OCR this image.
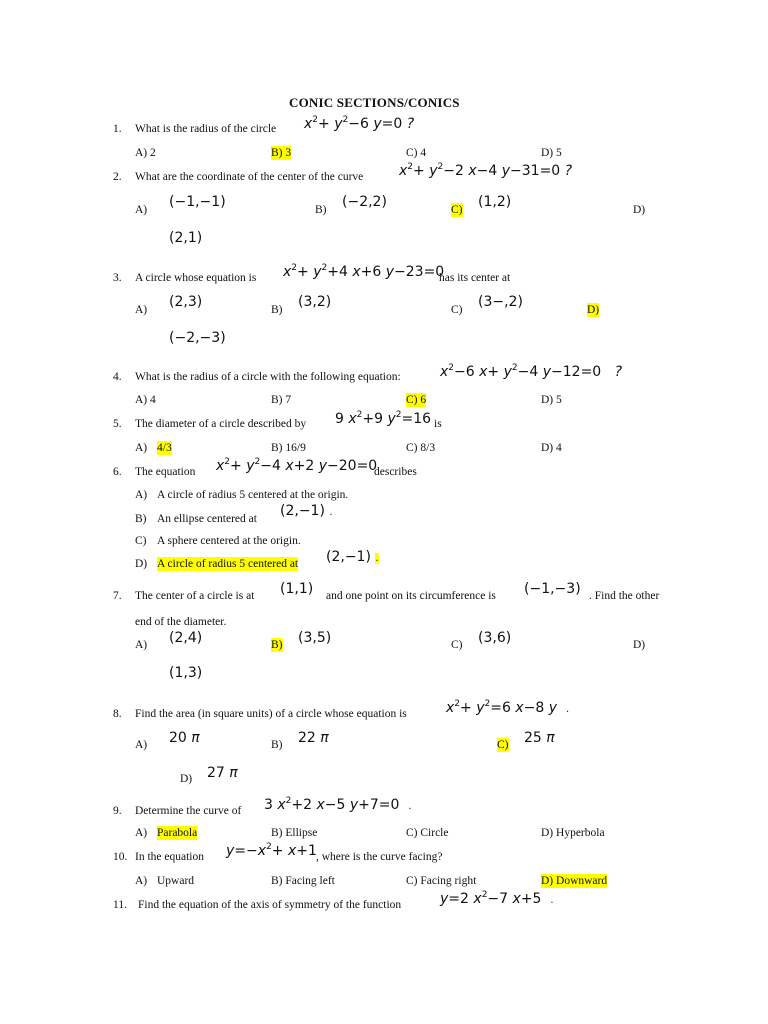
CONIC SECTIONS/CONICS
1. What is the radius of the circle $x^2+ y^2-6$ y=0 ?
A) 2	B) 3	C) 4	D) 5
2. What are the coordinate of the center of the curve	$x^2+ y^2-2$ x−4 y−31=0 ?
A) (−1,−1)	B) (−2,2)	C) (1,2)	D)
(2,1)
3. A circle whose equation is $x^2+ y^2+4$ x+6 y−23=0
has its center at
A) (2,3)	B) (3,2)	C) (3−,2)	D)
(−2,−3)
4. What is the radius of a circle with the following equation:	$x^2-6$ $x+ y^2-4$ y−12=0   ?
A) 4	B) 7	C) 6	D) 5
5. The diameter of a circle described by 9 $x^2+9$ $y^2=16$ is
A) 4/3	B) 16/9	C) 8/3	D) 4
6. The equation $x^2+ y^2-4$ x+2 y−20=0
describes
A) A circle of radius 5 centered at the origin.
B) An ellipse centered at (2,−1) .
C) A sphere centered at the origin.
D) A circle of radius 5 centered at (2,−1) .
7. The center of a circle is at (1,1) and one point on its circumference is (−1,−3) . Find the other
end of the diameter.
A) (2,4)	B) (3,5)	C) (3,6)	D)
(1,3)
8. Find the area (in square units) of a circle whose equation is	$x^2+ y^2=6$ x−8 y .
A) 20 π	B) 22 π	C) 25 π
D) 27 π
9. Determine the curve of 3 $x^2+2$ x−5 y+7=0  .
A) Parabola	B) Ellipse	C) Circle	D) Hyperbola
10. In the equation $y=-x^2+ x+1$ , where is the curve facing?
A) Upward	B) Facing left	C) Facing right	D) Downward
11. Find the equation of the axis of symmetry of the function	y=2 $x^2-7$ x+5  .
